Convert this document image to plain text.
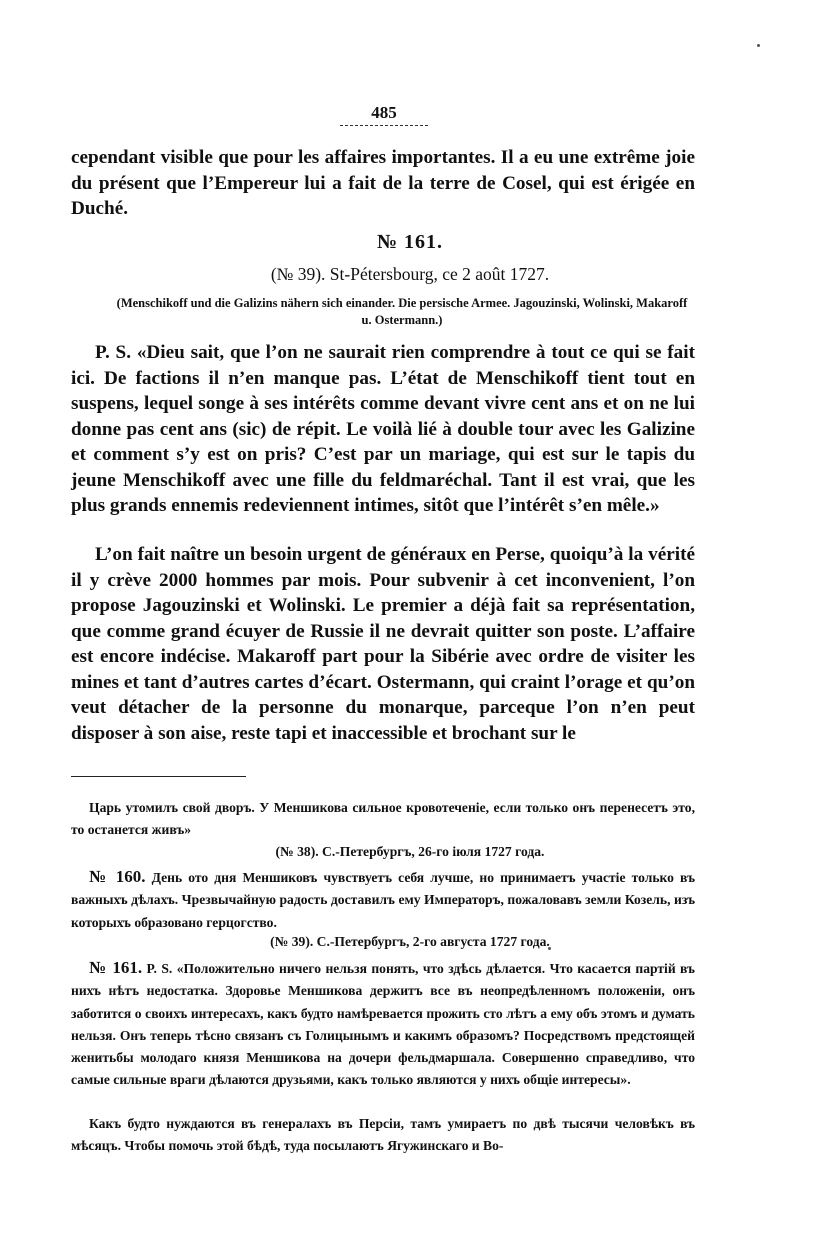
485
cependant visible que pour les affaires importantes. Il a eu une extrême joie du présent que l’Empereur lui a fait de la terre de Cosel, qui est érigée en Duché.
№ 161.
(№ 39). St-Pétersbourg, ce 2 août 1727.
(Menschikoff und die Galizins nähern sich einander. Die persische Armee. Jagouzinski, Wolinski, Makaroff u. Ostermann.)
P. S. «Dieu sait, que l’on ne saurait rien comprendre à tout ce qui se fait ici. De factions il n’en manque pas. L’état de Menschikoff tient tout en suspens, lequel songe à ses intérêts comme devant vivre cent ans et on ne lui donne pas cent ans (sic) de répit. Le voilà lié à double tour avec les Galizine et comment s’y est on pris? C’est par un mariage, qui est sur le tapis du jeune Menschikoff avec une fille du feldmaréchal. Tant il est vrai, que les plus grands ennemis redeviennent intimes, sitôt que l’intérêt s’en mêle.»
L’on fait naître un besoin urgent de généraux en Perse, quoiqu’à la vérité il y crève 2000 hommes par mois. Pour subvenir à cet inconvenient, l’on propose Jagouzinski et Wolinski. Le premier a déjà fait sa représentation, que comme grand écuyer de Russie il ne devrait quitter son poste. L’affaire est encore indécise. Makaroff part pour la Sibérie avec ordre de visiter les mines et tant d’autres cartes d’écart. Ostermann, qui craint l’orage et qu’on veut détacher de la personne du monarque, parceque l’on n’en peut disposer à son aise, reste tapi et inaccessible et brochant sur le
Царь утомилъ свой дворъ. У Меншикова сильное кровотеченіе, если только онъ перенесетъ это, то останется живъ»
(№ 38). С.-Петербургъ, 26-го іюля 1727 года.
№ 160. День ото дня Меншиковъ чувствуетъ себя лучше, но принимаетъ участіе только въ важныхъ дѣлахъ. Чрезвычайную радость доставилъ ему Императоръ, пожаловавъ земли Козель, изъ которыхъ образовано герцогство.
(№ 39). С.-Петербургъ, 2-го августа 1727 года.
№ 161. P. S. «Положительно ничего нельзя понять, что здѣсь дѣлается. Что касается партій въ нихъ нѣтъ недостатка. Здоровье Меншикова держитъ все въ неопредѣленномъ положеніи, онъ заботится о своихъ интересахъ, какъ будто намѣревается прожить сто лѣтъ а ему объ этомъ и думать нельзя. Онъ теперь тѣсно связанъ съ Голицынымъ и какимъ образомъ? Посредствомъ предстоящей женитьбы молодаго князя Меншикова на дочери фельдмаршала. Совершенно справедливо, что самые сильные враги дѣлаются друзьями, какъ только являются у нихъ общіе интересы».
Какъ будто нуждаются въ генералахъ въ Персіи, тамъ умираетъ по двѣ тысячи человѣкъ въ мѣсяцъ. Чтобы помочь этой бѣдѣ, туда посылаютъ Ягужинскаго и Во-
